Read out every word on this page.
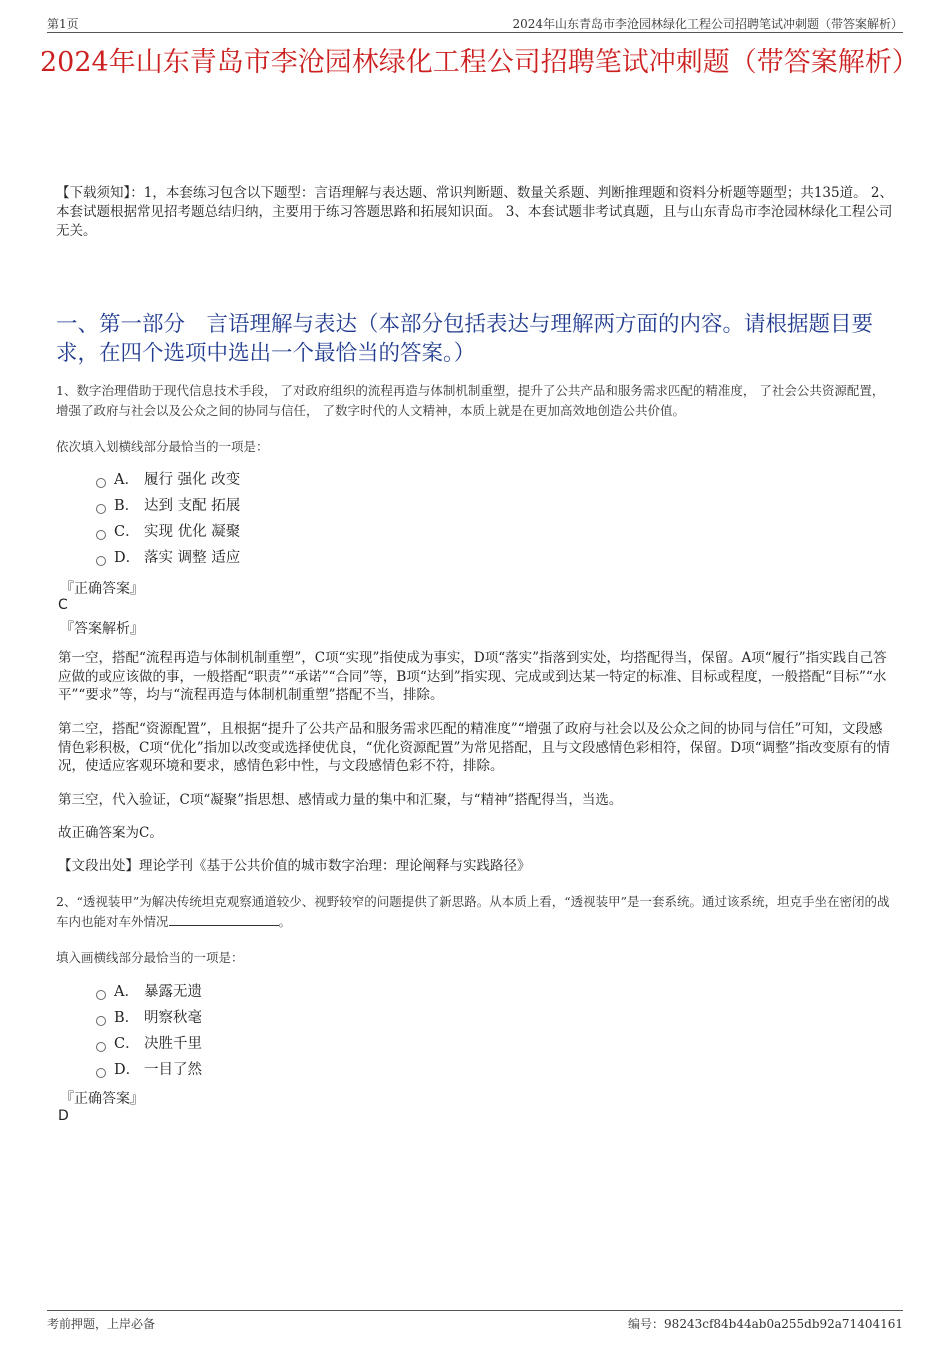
第1页	2024年山东青岛市李沧园林绿化工程公司招聘笔试冲刺题（带答案解析）
2024年山东青岛市李沧园林绿化工程公司招聘笔试冲刺题（带答案解析）

【下载须知】：1，本套练习包含以下题型：言语理解与表达题、常识判断题、数量关系题、判断推理题和资料分析题等题型；共135道。 2、本套试题根据常见招考题总结归纳，主要用于练习答题思路和拓展知识面。 3、本套试题非考试真题，且与山东青岛市李沧园林绿化工程公司无关。

一、第一部分　言语理解与表达（本部分包括表达与理解两方面的内容。请根据题目要求，在四个选项中选出一个最恰当的答案。）

1、数字治理借助于现代信息技术手段， 了对政府组织的流程再造与体制机制重塑，提升了公共产品和服务需求匹配的精准度， 了社会公共资源配置，增强了政府与社会以及公众之间的协同与信任， 了数字时代的人文精神，本质上就是在更加高效地创造公共价值。

依次填入划横线部分最恰当的一项是：

A． 履行 强化 改变
B． 达到 支配 拓展
C． 实现 优化 凝聚
D． 落实 调整 适应
『正确答案』
C
『答案解析』

第一空，搭配“流程再造与体制机制重塑”，C项“实现”指使成为事实，D项“落实”指落到实处，均搭配得当，保留。A项“履行”指实践自己答应做的或应该做的事，一般搭配“职责”“承诺”“合同”等，B项“达到”指实现、完成或到达某一特定的标准、目标或程度，一般搭配“目标”“水平”“要求”等，均与“流程再造与体制机制重塑”搭配不当，排除。

第二空，搭配“资源配置”，且根据“提升了公共产品和服务需求匹配的精准度”“增强了政府与社会以及公众之间的协同与信任”可知，文段感情色彩积极，C项“优化”指加以改变或选择使优良，“优化资源配置”为常见搭配，且与文段感情色彩相符，保留。D项“调整”指改变原有的情况，使适应客观环境和要求，感情色彩中性，与文段感情色彩不符，排除。

第三空，代入验证，C项“凝聚”指思想、感情或力量的集中和汇聚，与“精神”搭配得当，当选。

故正确答案为C。

【文段出处】理论学刊《基于公共价值的城市数字治理：理论阐释与实践路径》

2、“透视装甲”为解决传统坦克观察通道较少、视野较窄的问题提供了新思路。从本质上看，“透视装甲”是一套系统。通过该系统，坦克手坐在密闭的战车内也能对车外情况	。

填入画横线部分最恰当的一项是：

A． 暴露无遗
B． 明察秋毫
C． 决胜千里
D． 一目了然
『正确答案』
D
考前押题，上岸必备	编号：98243cf84b44ab0a255db92a71404161
